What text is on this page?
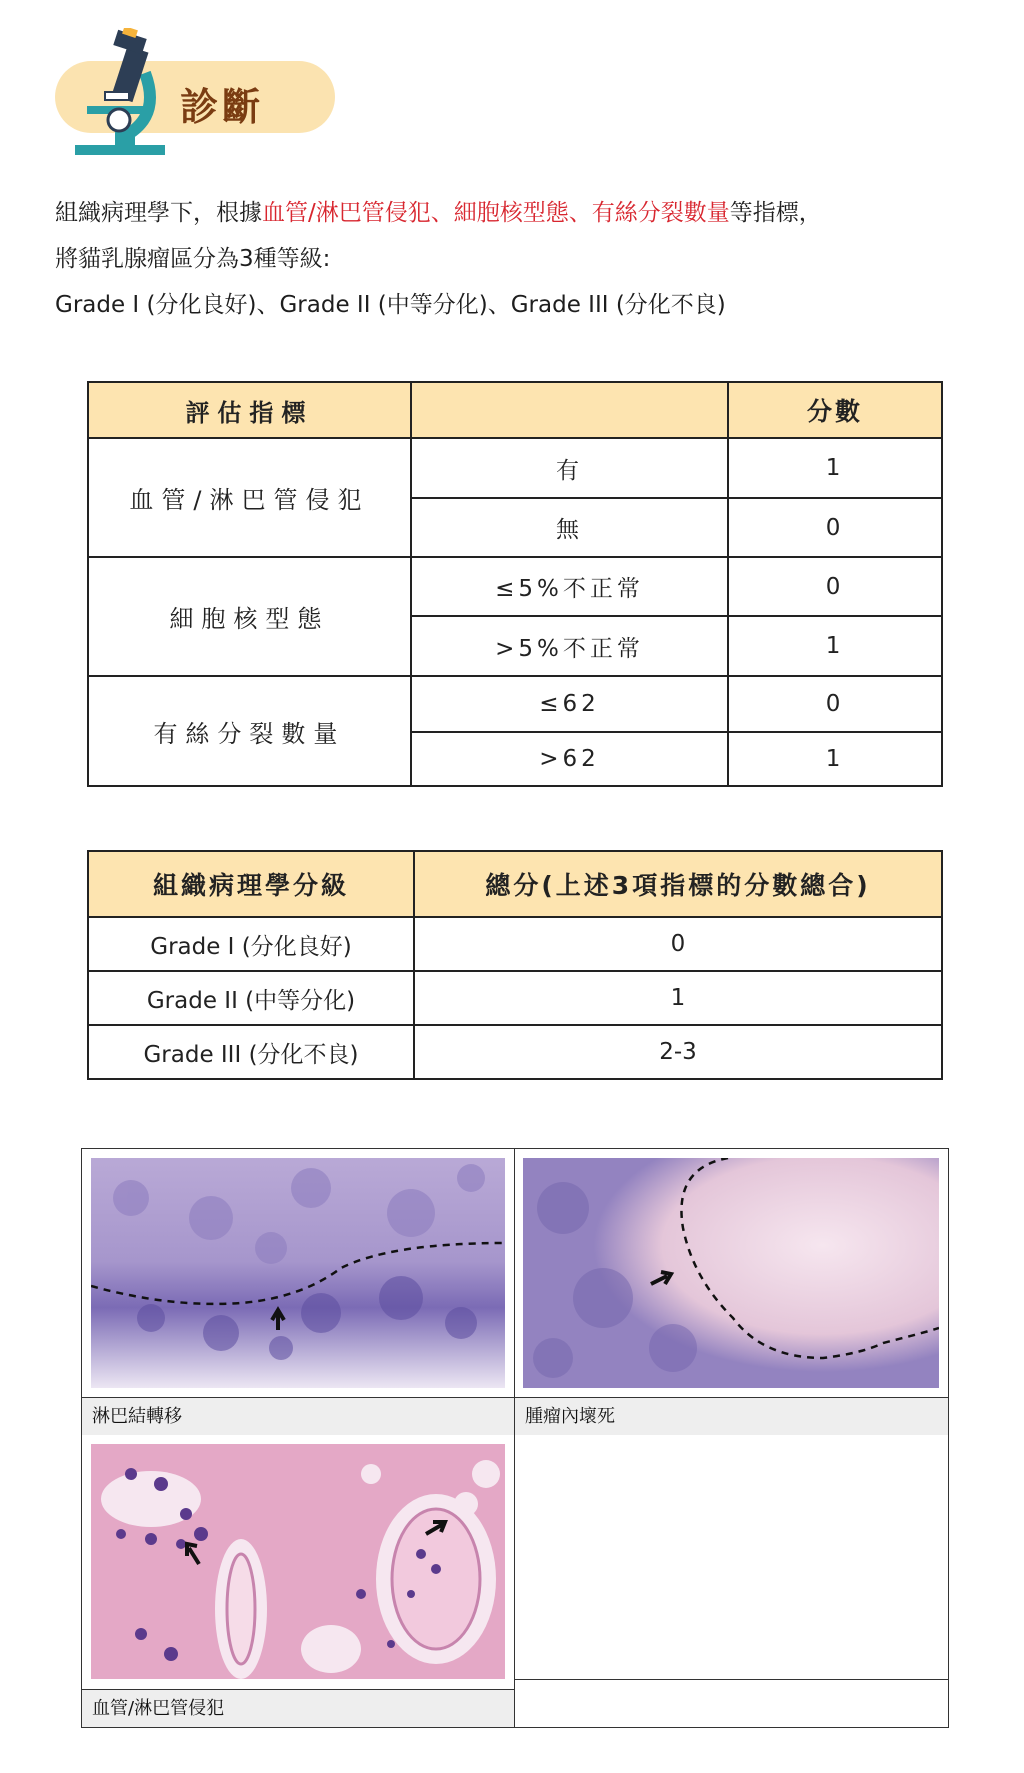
診斷
組織病理學下，根據血管/淋巴管侵犯、細胞核型態、有絲分裂數量等指標，
將貓乳腺瘤區分為3種等級:
Grade I (分化良好)、Grade II (中等分化)、Grade III (分化不良)
評估指標		分數
血管/淋巴管侵犯	有	1
	無	0
細胞核型態	≤5%不正常	0
	>5%不正常	1
有絲分裂數量	≤62	0
	>62	1
組織病理學分級	總分(上述3項指標的分數總合)
Grade I (分化良好)	0
Grade II (中等分化)	1
Grade III (分化不良)	2-3
淋巴結轉移	腫瘤內壞死
血管/淋巴管侵犯
